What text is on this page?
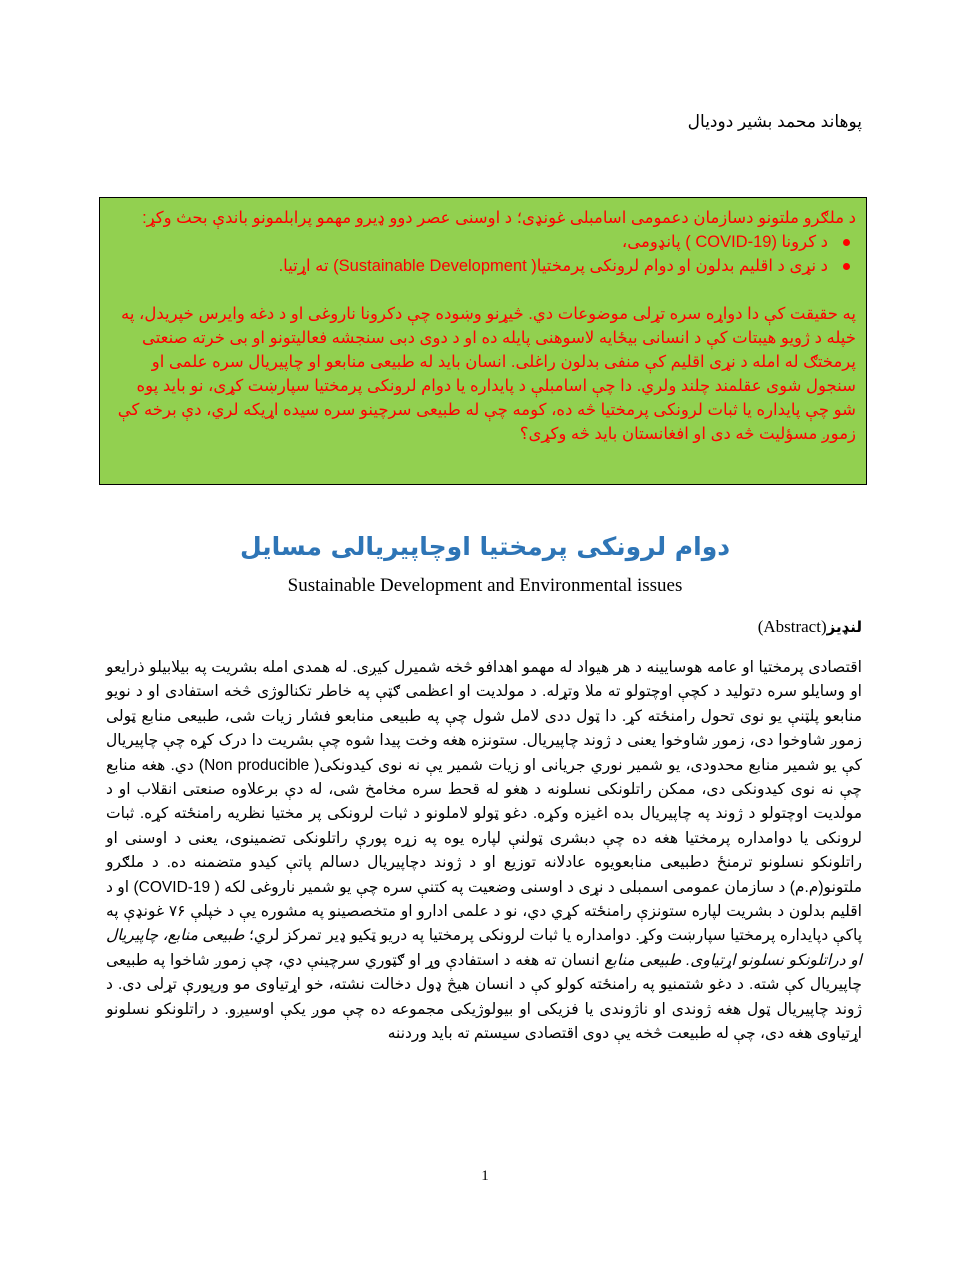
پوهاند محمد بشیر دودیال

د ملګرو ملتونو دسازمان دعمومی اسامبلی غونډی؛ د اوسنی عصر دوو ډیرو مهمو پرابلمونو باندې بحث وکړ:

د کرونا (COVID-19 ) پانډومی،
د نړی د اقلیم بدلون او دوام لرونکی پرمختیا( Sustainable Development) ته اړتیا.

په حقیقت کې دا دواړه سره تړلی موضوعات دي. څیړنو وښوده چې دکرونا ناروغی او د دغه وایرس خپریدل، په خپله د ژویو هیبتات کې د انسانی بیځایه لاسوهنی پایله ده او د دوی دبی سنجشه فعالیتونو او بی خرته صنعتی پرمختګ له امله د نړی اقلیم کې منفی بدلون راغلی. انسان باید له طبیعی منابعو او چاپیریال سره علمی او سنجول شوی عقلمند چلند ولري. دا چې اسامبلې د پایداره یا دوام لرونکی پرمختیا سپارښت کړی، نو باید پوه شو چې پایداره یا ثبات لرونکی پرمختیا څه ده، کومه چې له طبیعی سرچینو سره سیده اړیکه لري، دې برخه کې زموږ مسؤلیت څه دی او افغانستان باید څه وکړی؟

دوام لرونکی پرمختیا اوچاپیریالی مسایل
Sustainable Development and Environmental issues
لنډیز(Abstract)

اقتصادی پرمختیا او عامه هوسایینه د هر هیواد له مهمو اهدافو څخه شمیرل کیږی. له همدی امله بشریت په بیلابیلو ذرایعو او وسایلو سره دتولید د کچې اوچتولو ته ملا وتړله. د مولدیت او اعظمی ګټې په خاطر تکنالوژی څخه استفادی او د نویو منابعو پلټنې یو نوی تحول رامنځته کړ. دا ټول ددی لامل شول چې په طبیعی منابعو فشار زیات شی، طبیعی منابع ټولی زموږ شاوخوا دی، زموږ شاوخوا یعنی د ژوند چاپیریال. ستونزه هغه وخت پیدا شوه چې بشریت دا درک کړه چې چاپیریال کې یو شمیر منابع محدودی، یو شمیر نوري جریانی او زیات شمیر یې نه نوی کیدونکی( Non producible) دي. هغه منابع چې نه نوی کیدونکی دی، ممکن راتلونکی نسلونه د هغو له قحط سره مخامخ شی، له دې برعلاوه صنعتی انقلاب او د مولدیت اوچتولو د ژوند په چاپیریال بده اغیزه وکړه. دغو ټولو لاملونو د ثبات لرونکی پر مختیا نظریه رامنځته کړه. ثبات لرونکی یا دوامداره پرمختیا هغه ده چې دبشری ټولنې لپاره یوه په زړه پورې راتلونکی تضمینوی، یعنی د اوسنی او راتلونکو نسلونو ترمنځ دطبیعی منابعویوه عادلانه توزیع او د ژوند دچاپیریال دسالم پاتې کیدو متضمنه ده. د ملګرو ملتونو(م.م) د سازمان عمومی اسمبلی د نړی د اوسنی وضعیت په کتنې سره چې یو شمیر ناروغی لکه ( COVID-19) او د اقلیم بدلون د بشریت لپاره ستونزې رامنځته کړي دي، نو د علمی ادارو او متخصصینو په مشوره یې د خپلې ۷۶ غونډې په پاکې دپایداره پرمختیا سپارښت وکړ. دوامداره یا ثبات لرونکی پرمختیا په دریو ټکیو ډیر تمرکز لري؛ طبیعی منابع، چاپیریال او دراتلونکو نسلونو اړتیاوی. طبیعی منابع انسان ته هغه د استفادې وړ او ګټوري سرچینې دي، چې زموږ شاخوا په طبیعی چاپیریال کې شته. د دغو شتمنیو په رامنځته کولو کې د انسان هیڅ ډول دخالت نشته، خو اړتیاوی مو ورپورې تړلی دی. د ژوند چاپیریال ټول هغه ژوندی او ناژوندی یا فزیکی او بیولوژیکی مجموعه ده چې موږ یکې اوسیږو. د راتلونکو نسلونو اړتیاوی هغه دی، چې له طبیعت څخه یې دوی اقتصادی سیستم ته باید وردننه

1
